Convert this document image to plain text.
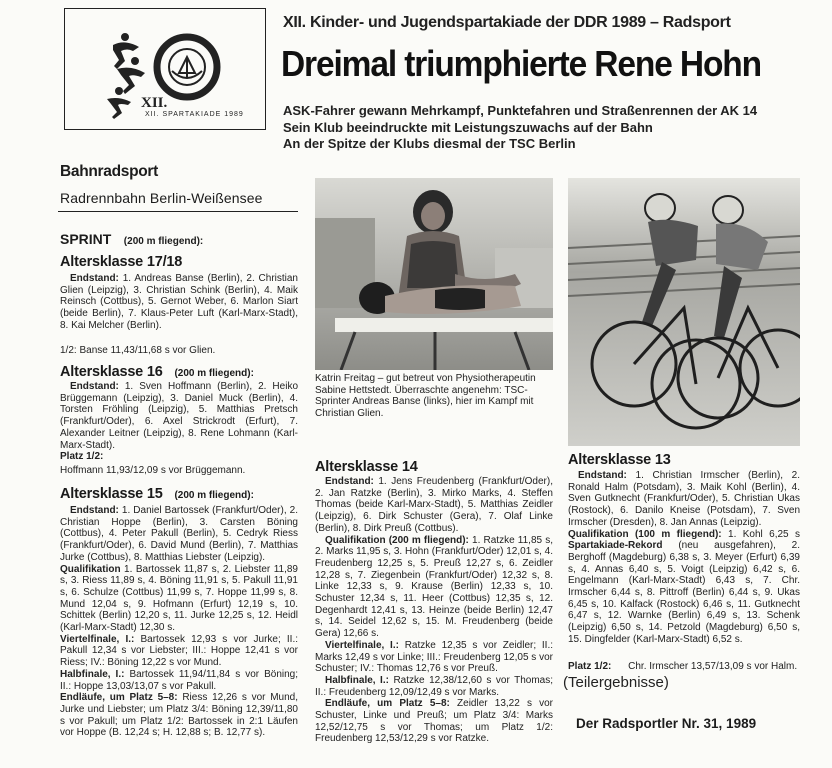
XII.
XII. SPARTAKIADE 1989
XII. Kinder- und Jugendspartakiade der DDR 1989 – Radsport
Dreimal triumphierte Rene Hohn
ASK-Fahrer gewann Mehrkampf, Punktefahren und Straßenrennen der AK 14
Sein Klub beeindruckte mit Leistungszuwachs auf der Bahn
An der Spitze der Klubs diesmal der TSC Berlin
Bahnradsport
Radrennbahn Berlin-Weißensee
SPRINT (200 m fliegend):
Altersklasse 17/18

Endstand: 1. Andreas Banse (Berlin), 2. Christian Glien (Leipzig), 3. Christian Schink (Berlin), 4. Maik Reinsch (Cottbus), 5. Gernot Weber, 6. Marlon Siart (beide Berlin), 7. Klaus-Peter Luft (Karl-Marx-Stadt), 8. Kai Melcher (Berlin).

1/2: Banse 11,43/11,68 s vor Glien.
Altersklasse 16 (200 m fliegend):

Endstand: 1. Sven Hoffmann (Berlin), 2. Heiko Brüggemann (Leipzig), 3. Daniel Muck (Berlin), 4. Torsten Fröhling (Leipzig), 5. Matthias Pretsch (Frankfurt/Oder), 6. Axel Strickrodt (Erfurt), 7. Alexander Leitner (Leipzig), 8. Rene Lohmann (Karl-Marx-Stadt).

Platz 1/2:
Hoffmann 11,93/12,09 s vor Brüggemann.
Altersklasse 15 (200 m fliegend):

Endstand: 1. Daniel Bartossek (Frankfurt/Oder), 2. Christian Hoppe (Berlin), 3. Carsten Böning (Cottbus), 4. Peter Pakull (Berlin), 5. Cedryk Riess (Frankfurt/Oder), 6. David Mund (Berlin), 7. Matthias Jurke (Cottbus), 8. Matthias Liebster (Leipzig).

Qualifikation 1. Bartossek 11,87 s, 2. Liebster 11,89 s, 3. Riess 11,89 s, 4. Böning 11,91 s, 5. Pakull 11,91 s, 6. Schulze (Cottbus) 11,99 s, 7. Hoppe 11,99 s, 8. Mund 12,04 s, 9. Hofmann (Erfurt) 12,19 s, 10. Schittek (Berlin) 12,20 s, 11. Jurke 12,25 s, 12. Heidl (Karl-Marx-Stadt) 12,30 s.

Viertelfinale, I.: Bartossek 12,93 s vor Jurke; II.: Pakull 12,34 s vor Liebster; III.: Hoppe 12,41 s vor Riess; IV.: Böning 12,22 s vor Mund.

Halbfinale, I.: Bartossek 11,94/11,84 s vor Böning; II.: Hoppe 13,03/13,07 s vor Pakull.

Endläufe, um Platz 5–8: Riess 12,26 s vor Mund, Jurke und Liebster; um Platz 3/4: Böning 12,39/11,80 s vor Pakull; um Platz 1/2: Bartossek in 2:1 Läufen vor Hoppe (B. 12,24 s; H. 12,88 s; B. 12,77 s).

Katrin Freitag – gut betreut von Physiotherapeutin Sabine Hettstedt. Überraschte angenehm: TSC-Sprinter Andreas Banse (links), hier im Kampf mit Christian Glien.
Altersklasse 14

Endstand: 1. Jens Freudenberg (Frankfurt/Oder), 2. Jan Ratzke (Berlin), 3. Mirko Marks, 4. Steffen Thomas (beide Karl-Marx-Stadt), 5. Matthias Zeidler (Leipzig), 6. Dirk Schuster (Gera), 7. Olaf Linke (Berlin), 8. Dirk Preuß (Cottbus).

Qualifikation (200 m fliegend): 1. Ratzke 11,85 s, 2. Marks 11,95 s, 3. Hohn (Frankfurt/Oder) 12,01 s, 4. Freudenberg 12,25 s, 5. Preuß 12,27 s, 6. Zeidler 12,28 s, 7. Ziegenbein (Frankfurt/Oder) 12,32 s, 8. Linke 12,33 s, 9. Krause (Berlin) 12,33 s, 10. Schuster 12,34 s, 11. Heer (Cottbus) 12,35 s, 12. Degenhardt 12,41 s, 13. Heinze (beide Berlin) 12,47 s, 14. Seidel 12,62 s, 15. M. Freudenberg (beide Gera) 12,66 s.

Viertelfinale, I.: Ratzke 12,35 s vor Zeidler; II.: Marks 12,49 s vor Linke; III.: Freudenberg 12,05 s vor Schuster; IV.: Thomas 12,76 s vor Preuß.

Halbfinale, I.: Ratzke 12,38/12,60 s vor Thomas; II.: Freudenberg 12,09/12,49 s vor Marks.

Endläufe, um Platz 5–8: Zeidler 13,22 s vor Schuster, Linke und Preuß; um Platz 3/4: Marks 12,52/12,75 s vor Thomas; um Platz 1/2: Freudenberg 12,53/12,29 s vor Ratzke.

Altersklasse 13

Endstand: 1. Christian Irmscher (Berlin), 2. Ronald Halm (Potsdam), 3. Maik Kohl (Berlin), 4. Sven Gutknecht (Frankfurt/Oder), 5. Christian Ukas (Rostock), 6. Danilo Kneise (Potsdam), 7. Sven Irmscher (Dresden), 8. Jan Annas (Leipzig).

Qualifikation (100 m fliegend): 1. Kohl 6,25 s Spartakiade-Rekord (neu ausgefahren), 2. Berghoff (Magdeburg) 6,38 s, 3. Meyer (Erfurt) 6,39 s, 4. Annas 6,40 s, 5. Voigt (Leipzig) 6,42 s, 6. Engelmann (Karl-Marx-Stadt) 6,43 s, 7. Chr. Irmscher 6,44 s, 8. Pittroff (Berlin) 6,44 s, 9. Ukas 6,45 s, 10. Kalfack (Rostock) 6,46 s, 11. Gutknecht 6,47 s, 12. Warnke (Berlin) 6,49 s, 13. Schenk (Leipzig) 6,50 s, 14. Petzold (Magdeburg) 6,50 s, 15. Dingfelder (Karl-Marx-Stadt) 6,52 s.

Platz 1/2: Chr. Irmscher 13,57/13,09 s vor Halm.
(Teilergebnisse)
Der Radsportler Nr. 31, 1989
